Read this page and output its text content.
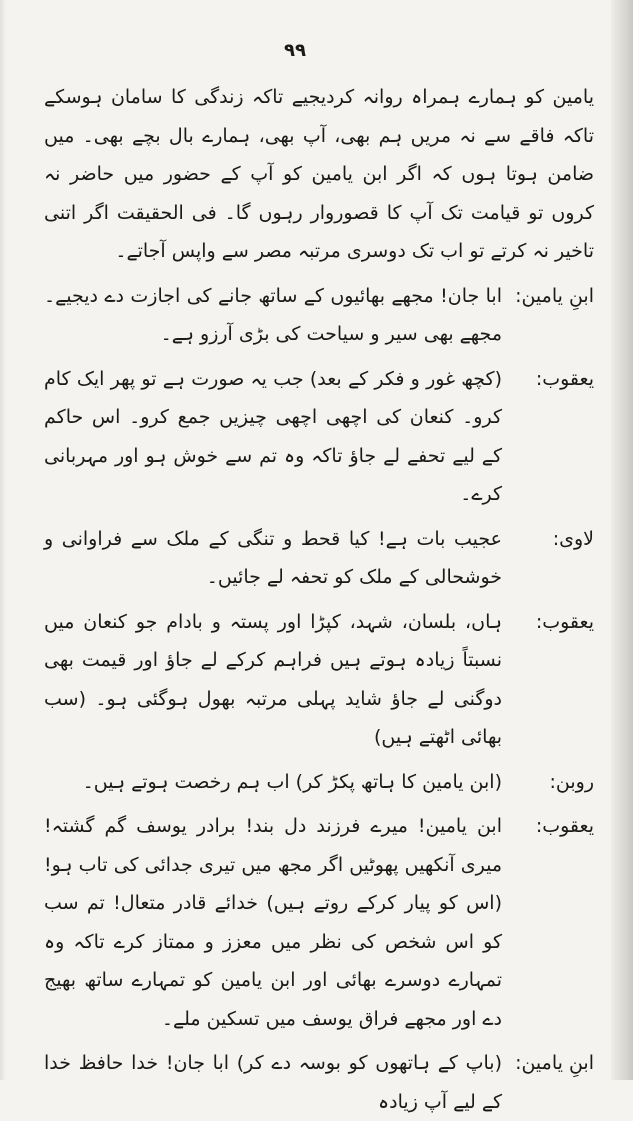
۹۹

یامین کو ہمارے ہمراہ روانہ کردیجیے تاکہ زندگی کا سامان ہوسکے تاکہ فاقے سے نہ مریں ہم بھی، آپ بھی، ہمارے بال بچے بھی۔ میں ضامن ہوتا ہوں کہ اگر ابن یامین کو آپ کے حضور میں حاضر نہ کروں تو قیامت تک آپ کا قصوروار رہوں گا۔ فی الحقیقت اگر اتنی تاخیر نہ کرتے تو اب تک دوسری مرتبہ مصر سے واپس آجاتے۔

ابنِ یامین:
ابا جان! مجھے بھائیوں کے ساتھ جانے کی اجازت دے دیجیے۔ مجھے بھی سیر و سیاحت کی بڑی آرزو ہے۔
یعقوب:
(کچھ غور و فکر کے بعد) جب یہ صورت ہے تو پھر ایک کام کرو۔ کنعان کی اچھی اچھی چیزیں جمع کرو۔ اس حاکم کے لیے تحفے لے جاؤ تاکہ وہ تم سے خوش ہو اور مہربانی کرے۔
لاوی:
عجیب بات ہے! کیا قحط و تنگی کے ملک سے فراوانی و خوشحالی کے ملک کو تحفہ لے جائیں۔
یعقوب:
ہاں، بلسان، شہد، کپڑا اور پستہ و بادام جو کنعان میں نسبتاً زیادہ ہوتے ہیں فراہم کرکے لے جاؤ اور قیمت بھی دوگنی لے جاؤ شاید پہلی مرتبہ بھول ہوگئی ہو۔ (سب بھائی اٹھتے ہیں)
روبن:
(ابن یامین کا ہاتھ پکڑ کر) اب ہم رخصت ہوتے ہیں۔
یعقوب:
ابن یامین! میرے فرزند دل بند! برادر یوسف گم گشتہ! میری آنکھیں پھوٹیں اگر مجھ میں تیری جدائی کی تاب ہو! (اس کو پیار کرکے روتے ہیں) خدائے قادر متعال! تم سب کو اس شخص کی نظر میں معزز و ممتاز کرے تاکہ وہ تمہارے دوسرے بھائی اور ابن یامین کو تمہارے ساتھ بھیج دے اور مجھے فراق یوسف میں تسکین ملے۔
ابنِ یامین:
(باپ کے ہاتھوں کو بوسہ دے کر) ابا جان! خدا حافظ خدا کے لیے آپ زیادہ
